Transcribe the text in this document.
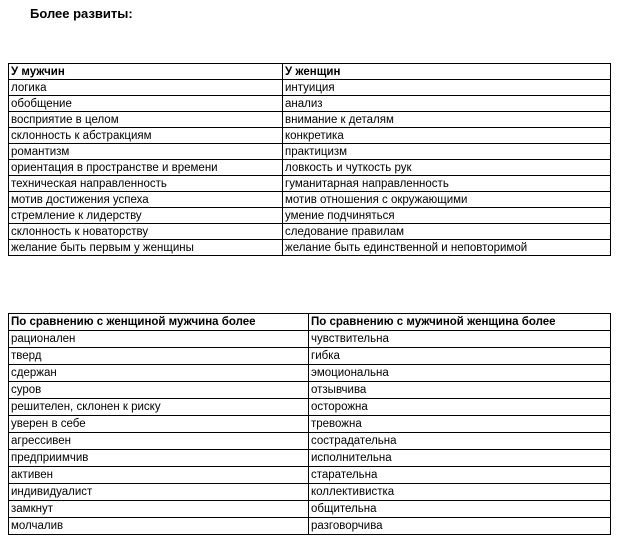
Более развиты:

У мужчин	У женщин
логика	интуиция
обобщение	анализ
восприятие в целом	внимание к деталям
склонность к абстракциям	конкретика
романтизм	практицизм
ориентация в пространстве и времени	ловкость и чуткость рук
техническая направленность	гуманитарная направленность
мотив достижения успеха	мотив отношения с окружающими
стремление к лидерству	умение подчиняться
склонность к новаторству	следование правилам
желание быть первым у женщины	желание быть единственной и неповторимой
По сравнению с женщиной мужчина более	По сравнению с мужчиной женщина более
рационален	чувствительна
тверд	гибка
сдержан	эмоциональна
суров	отзывчива
решителен, склонен к риску	осторожна
уверен в себе	тревожна
агрессивен	сострадательна
предприимчив	исполнительна
активен	старательна
индивидуалист	коллективистка
замкнут	общительна
молчалив	разговорчива
